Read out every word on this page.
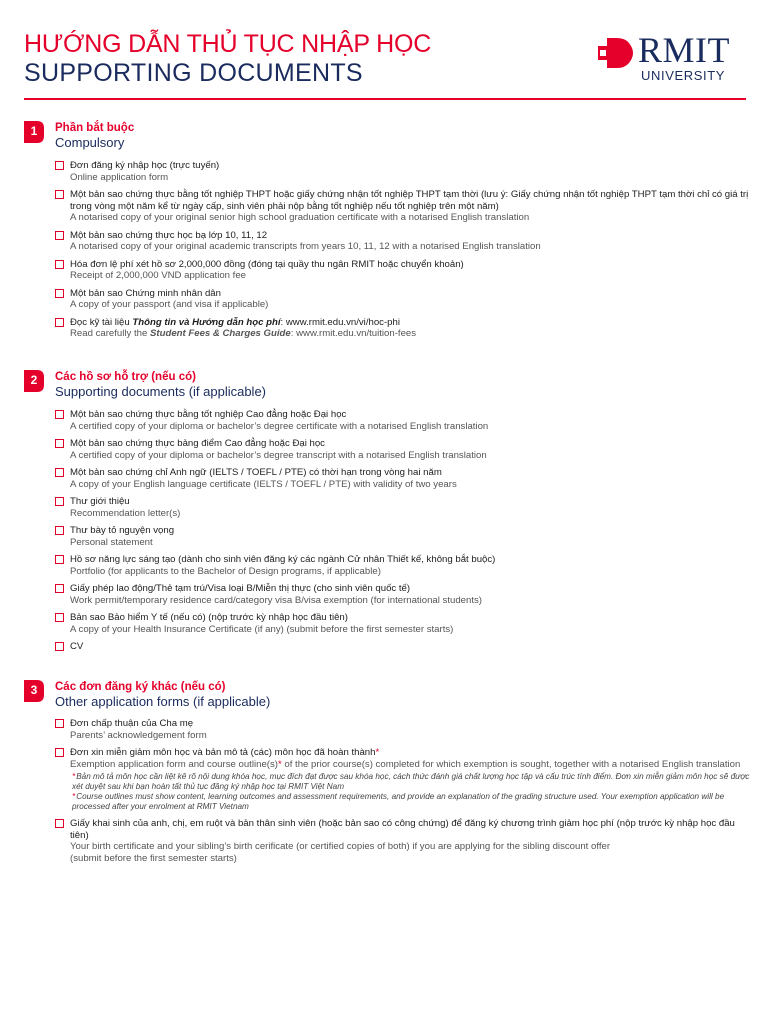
HƯỚNG DẪN THỦ TỤC NHẬP HỌC
SUPPORTING DOCUMENTS
RMIT
UNIVERSITY
1	Phần bắt buộc
Compulsory
Đơn đăng ký nhập học (trực tuyến)
Online application form
Một bản sao chứng thực bằng tốt nghiệp THPT hoặc giấy chứng nhận tốt nghiệp THPT tạm thời (lưu ý: Giấy chứng nhận tốt nghiệp THPT tạm thời chỉ có giá trị trong vòng một năm kể từ ngày cấp, sinh viên phải nộp bằng tốt nghiệp nếu tốt nghiệp trên một năm)
A notarised copy of your original senior high school graduation certificate with a notarised English translation
Một bản sao chứng thực học bạ lớp 10, 11, 12
A notarised copy of your original academic transcripts from years 10, 11, 12 with a notarised English translation
Hóa đơn lệ phí xét hồ sơ 2,000,000 đồng (đóng tại quầy thu ngân RMIT hoặc chuyển khoản)
Receipt of 2,000,000 VND application fee
Một bản sao Chứng minh nhân dân
A copy of your passport (and visa if applicable)
Đọc kỹ tài liệu Thông tin và Hướng dẫn học phí: www.rmit.edu.vn/vi/hoc-phi
Read carefully the Student Fees & Charges Guide: www.rmit.edu.vn/tuition-fees
2	Các hồ sơ hỗ trợ (nếu có)
Supporting documents (if applicable)
Một bản sao chứng thực bằng tốt nghiệp Cao đẳng hoặc Đại học
A certified copy of your diploma or bachelor’s degree certificate with a notarised English translation
Một bản sao chứng thực bảng điểm Cao đẳng hoặc Đại học
A certified copy of your diploma or bachelor’s degree transcript with a notarised English translation
Một bản sao chứng chỉ Anh ngữ (IELTS / TOEFL / PTE) có thời hạn trong vòng hai năm
A copy of your English language certificate (IELTS / TOEFL / PTE) with validity of two years
Thư giới thiệu
Recommendation letter(s)
Thư bày tỏ nguyện vọng
Personal statement
Hồ sơ năng lực sáng tạo (dành cho sinh viên đăng ký các ngành Cử nhân Thiết kế, không bắt buộc)
Portfolio (for applicants to the Bachelor of Design programs, if applicable)
Giấy phép lao động/Thẻ tạm trú/Visa loại B/Miễn thị thực (cho sinh viên quốc tế)
Work permit/temporary residence card/category visa B/visa exemption (for international students)
Bản sao Bảo hiểm Y tế (nếu có) (nộp trước kỳ nhập học đầu tiên)
A copy of your Health Insurance Certificate (if any) (submit before the first semester starts)
CV
3	Các đơn đăng ký khác (nếu có)
Other application forms (if applicable)
Đơn chấp thuận của Cha mẹ
Parents’ acknowledgement form
Đơn xin miễn giảm môn học và bản mô tả (các) môn học đã hoàn thành*
Exemption application form and course outline(s)* of the prior course(s) completed for which exemption is sought, together with a notarised English translation
*Bản mô tả môn học cần liệt kê rõ nội dung khóa học, mục đích đạt được sau khóa học, cách thức đánh giá chất lượng học tập và cấu trúc tính điểm. Đơn xin miễn giảm môn học sẽ được xét duyệt sau khi bạn hoàn tất thủ tục đăng ký nhập học tại RMIT Việt Nam
*Course outlines must show content, learning outcomes and assessment requirements, and provide an explanation of the grading structure used. Your exemption application will be processed after your enrolment at RMIT Vietnam
Giấy khai sinh của anh, chị, em ruột và bản thân sinh viên (hoặc bản sao có công chứng) để đăng ký chương trình giảm học phí (nộp trước kỳ nhập học đầu tiên)
Your birth certificate and your sibling’s birth cerificate (or certified copies of both) if you are applying for the sibling discount offer
(submit before the first semester starts)
